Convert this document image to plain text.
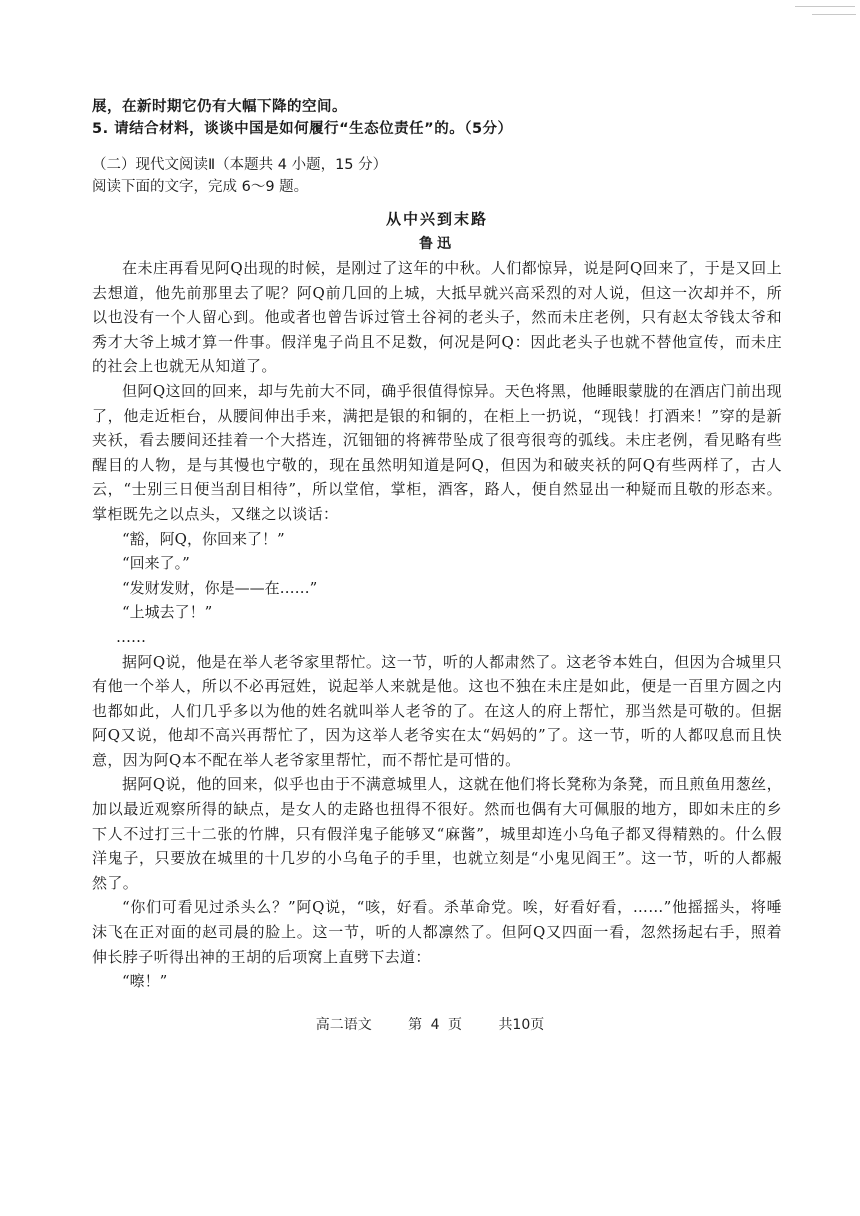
展，在新时期它仍有大幅下降的空间。

5. 请结合材料，谈谈中国是如何履行“生态位责任”的。（5分）

（二）现代文阅读Ⅱ（本题共 4 小题，15 分）

阅读下面的文字，完成 6～9 题。

从中兴到末路

鲁迅

在未庄再看见阿Q出现的时候，是刚过了这年的中秋。人们都惊异，说是阿Q回来了，于是又回上去想道，他先前那里去了呢？阿Q前几回的上城，大抵早就兴高采烈的对人说，但这一次却并不，所以也没有一个人留心到。他或者也曾告诉过管土谷祠的老头子，然而未庄老例，只有赵太爷钱太爷和秀才大爷上城才算一件事。假洋鬼子尚且不足数，何况是阿Q：因此老头子也就不替他宣传，而未庄的社会上也就无从知道了。

但阿Q这回的回来，却与先前大不同，确乎很值得惊异。天色将黑，他睡眼蒙胧的在酒店门前出现了，他走近柜台，从腰间伸出手来，满把是银的和铜的，在柜上一扔说，“现钱！打酒来！”穿的是新夹袄，看去腰间还挂着一个大搭连，沉钿钿的将裤带坠成了很弯很弯的弧线。未庄老例，看见略有些醒目的人物，是与其慢也宁敬的，现在虽然明知道是阿Q，但因为和破夹袄的阿Q有些两样了，古人云，“士别三日便当刮目相待”，所以堂倌，掌柜，酒客，路人，便自然显出一种疑而且敬的形态来。掌柜既先之以点头，又继之以谈话：

“豁，阿Q，你回来了！”

“回来了。”

“发财发财，你是——在……”

“上城去了！”

……

据阿Q说，他是在举人老爷家里帮忙。这一节，听的人都肃然了。这老爷本姓白，但因为合城里只有他一个举人，所以不必再冠姓，说起举人来就是他。这也不独在未庄是如此，便是一百里方圆之内也都如此，人们几乎多以为他的姓名就叫举人老爷的了。在这人的府上帮忙，那当然是可敬的。但据阿Q又说，他却不高兴再帮忙了，因为这举人老爷实在太“妈妈的”了。这一节，听的人都叹息而且快意，因为阿Q本不配在举人老爷家里帮忙，而不帮忙是可惜的。

据阿Q说，他的回来，似乎也由于不满意城里人，这就在他们将长凳称为条凳，而且煎鱼用葱丝，加以最近观察所得的缺点，是女人的走路也扭得不很好。然而也偶有大可佩服的地方，即如未庄的乡下人不过打三十二张的竹牌，只有假洋鬼子能够叉“麻酱”，城里却连小乌龟子都叉得精熟的。什么假洋鬼子，只要放在城里的十几岁的小乌龟子的手里，也就立刻是“小鬼见阎王”。这一节，听的人都赧然了。

“你们可看见过杀头么？”阿Q说，“咳，好看。杀革命党。唉，好看好看，……”他摇摇头，将唾沫飞在正对面的赵司晨的脸上。这一节，听的人都凛然了。但阿Q又四面一看，忽然扬起右手，照着伸长脖子听得出神的王胡的后项窝上直劈下去道：

“嚓！”

高二语文	第 4 页	共10页
